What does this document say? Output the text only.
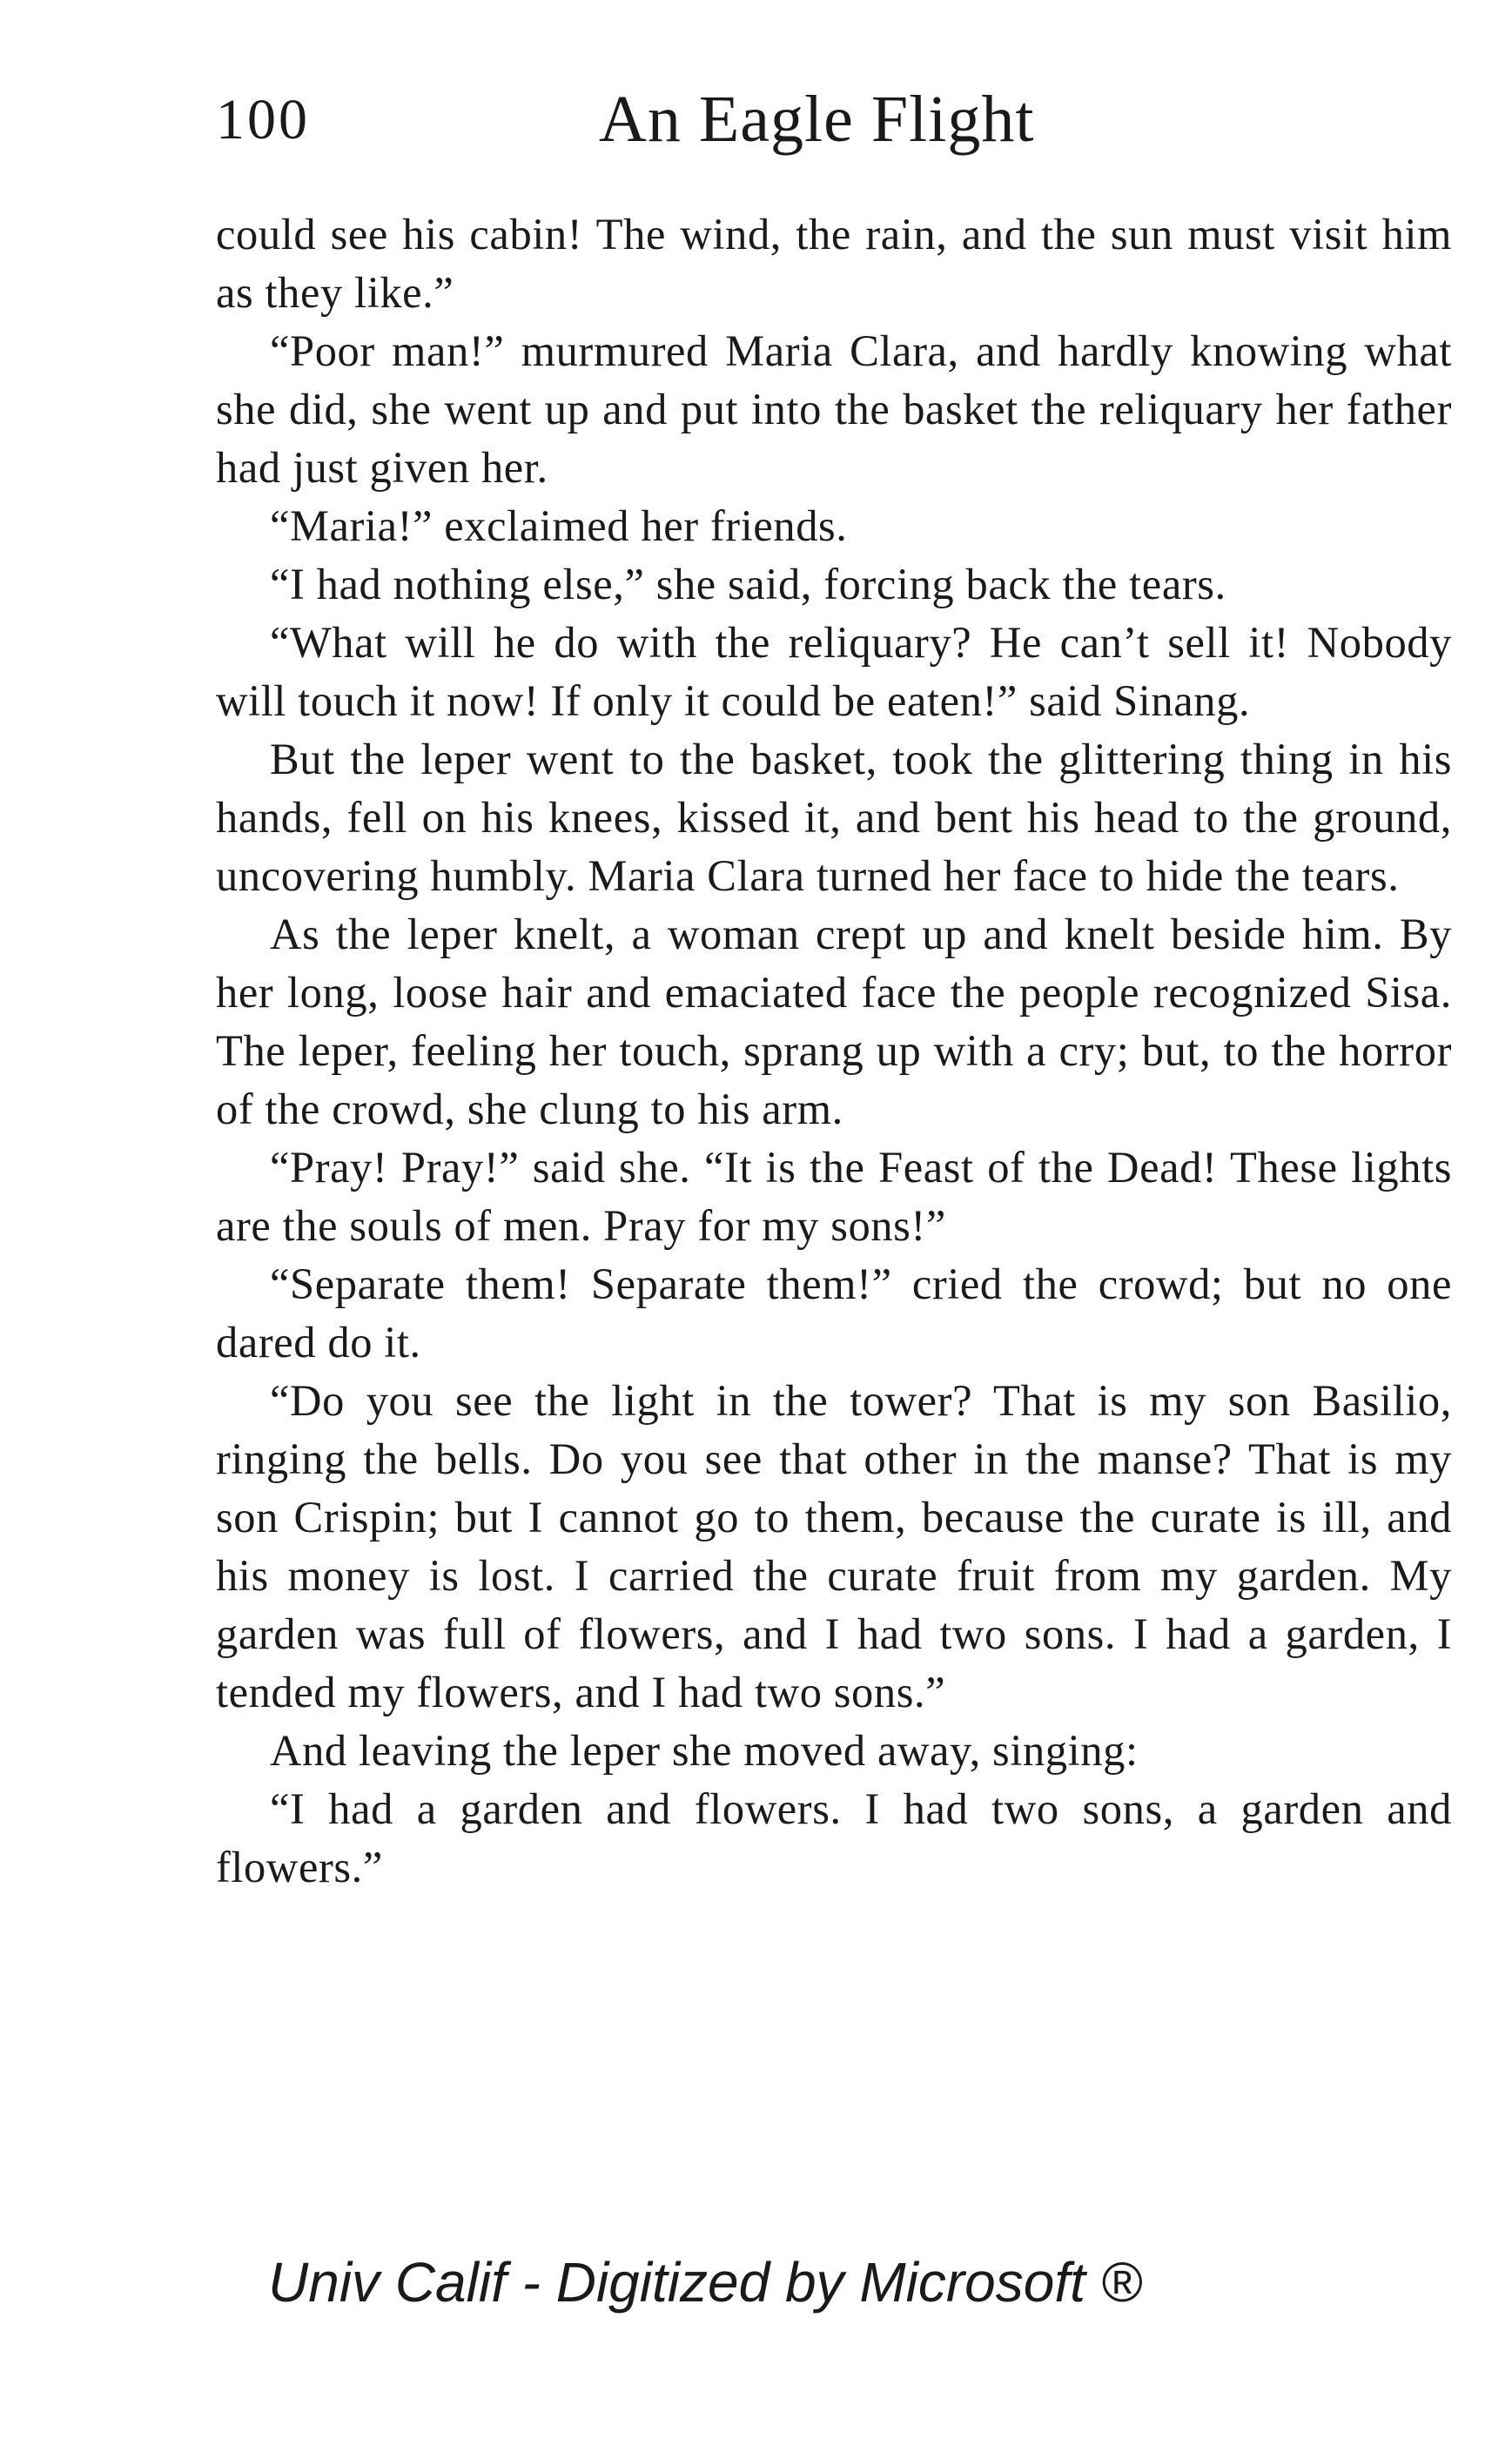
100	An Eagle Flight

could see his cabin! The wind, the rain, and the sun must visit him as they like.”

“Poor man!” murmured Maria Clara, and hardly knowing what she did, she went up and put into the basket the reliquary her father had just given her.

“Maria!” exclaimed her friends.

“I had nothing else,” she said, forcing back the tears.

“What will he do with the reliquary? He can’t sell it! Nobody will touch it now! If only it could be eaten!” said Sinang.

But the leper went to the basket, took the glittering thing in his hands, fell on his knees, kissed it, and bent his head to the ground, uncovering humbly. Maria Clara turned her face to hide the tears.

As the leper knelt, a woman crept up and knelt beside him. By her long, loose hair and emaciated face the people recognized Sisa. The leper, feeling her touch, sprang up with a cry; but, to the horror of the crowd, she clung to his arm.

“Pray! Pray!” said she. “It is the Feast of the Dead! These lights are the souls of men. Pray for my sons!”

“Separate them! Separate them!” cried the crowd; but no one dared do it.

“Do you see the light in the tower? That is my son Basilio, ringing the bells. Do you see that other in the manse? That is my son Crispin; but I cannot go to them, because the curate is ill, and his money is lost. I carried the curate fruit from my garden. My garden was full of flowers, and I had two sons. I had a garden, I tended my flowers, and I had two sons.”

And leaving the leper she moved away, singing:

“I had a garden and flowers. I had two sons, a garden and flowers.”

Univ Calif - Digitized by Microsoft ®
